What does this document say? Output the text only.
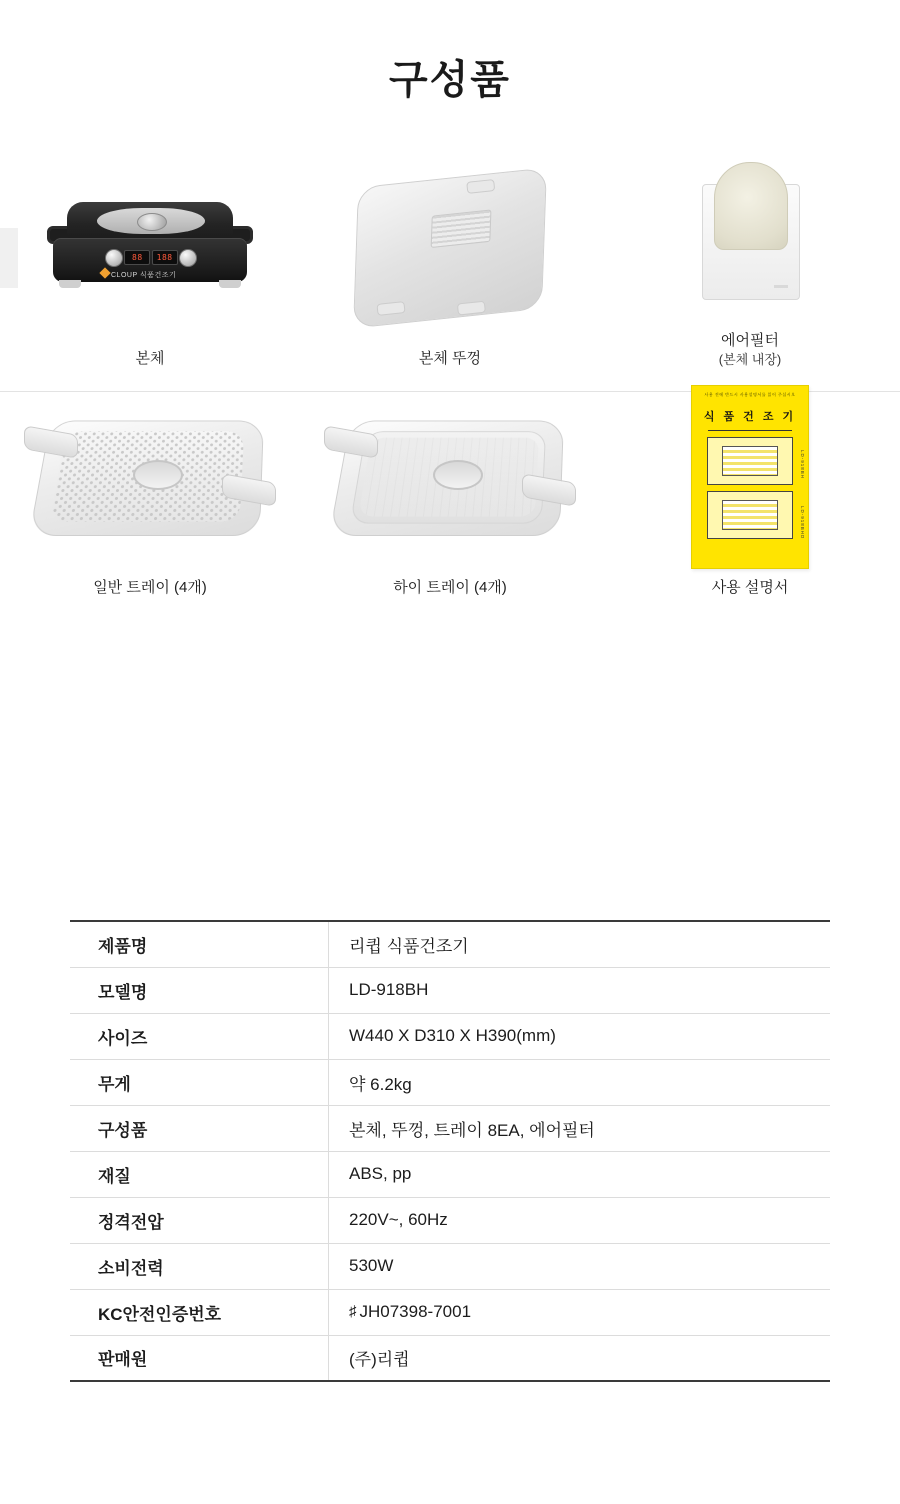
구성품
88	188
CLOUP 식품건조기
본체	본체 뚜껑
에어필터
(본체 내장)
일반 트레이 (4개)	하이 트레이 (4개)
사용 전에 반드시 사용설명서를 읽어 주십시오
식 품 건 조 기
LD-918BH
LD-918BHD
사용 설명서
제품명	리큅 식품건조기
모델명	LD-918BH
사이즈	W440 X D310 X H390(mm)
무게	약 6.2kg
구성품	본체, 뚜껑, 트레이 8EA, 에어필터
재질	ABS, pp
정격전압	220V~, 60Hz
소비전력	530W
KC안전인증번호	♯ JH07398-7001
판매원	(주)리큅
